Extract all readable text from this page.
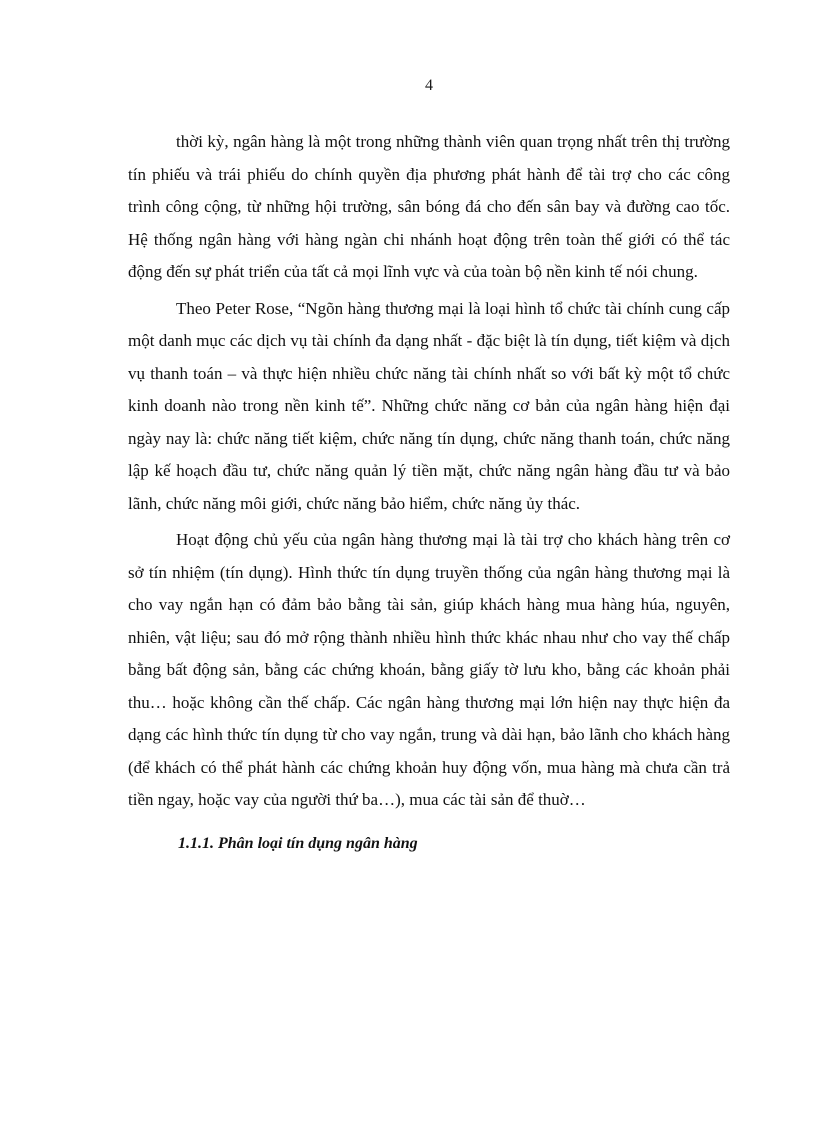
4

thời kỳ, ngân hàng là một trong những thành viên quan trọng nhất trên thị trường tín phiếu và trái phiếu do chính quyền địa phương phát hành để tài trợ cho các công trình công cộng, từ những hội trường, sân bóng đá cho đến sân bay và đường cao tốc. Hệ thống ngân hàng với hàng ngàn chi nhánh hoạt động trên toàn thế giới có thể tác động đến sự phát triển của tất cả mọi lĩnh vực và của toàn bộ nền kinh tế nói chung.

Theo Peter Rose, “Ngõn hàng thương mại là loại hình tổ chức tài chính cung cấp một danh mục các dịch vụ tài chính đa dạng nhất - đặc biệt là tín dụng, tiết kiệm và dịch vụ thanh toán – và thực hiện nhiều chức năng tài chính nhất so với bất kỳ một tổ chức kinh doanh nào trong nền kinh tế”. Những chức năng cơ bản của ngân hàng hiện đại ngày nay là: chức năng tiết kiệm, chức năng tín dụng, chức năng thanh toán, chức năng lập kế hoạch đầu tư, chức năng quản lý tiền mặt, chức năng ngân hàng đầu tư và bảo lãnh, chức năng môi giới, chức năng bảo hiểm, chức năng ủy thác.

Hoạt động chủ yếu của ngân hàng thương mại là tài trợ cho khách hàng trên cơ sở tín nhiệm (tín dụng). Hình thức tín dụng truyền thống của ngân hàng thương mại là cho vay ngắn hạn có đảm bảo bằng tài sản, giúp khách hàng mua hàng húa, nguyên, nhiên, vật liệu; sau đó mở rộng thành nhiều hình thức khác nhau như cho vay thế chấp bằng bất động sản, bằng các chứng khoán, bằng giấy tờ lưu kho, bằng các khoản phải thu… hoặc không cần thế chấp. Các ngân hàng thương mại lớn hiện nay thực hiện đa dạng các hình thức tín dụng từ cho vay ngắn, trung và dài hạn, bảo lãnh cho khách hàng (để khách có thể phát hành các chứng khoản huy động vốn, mua hàng mà chưa cần trả tiền ngay, hoặc vay của người thứ ba…), mua các tài sản để thuờ…

1.1.1. Phân loại tín dụng ngân hàng
